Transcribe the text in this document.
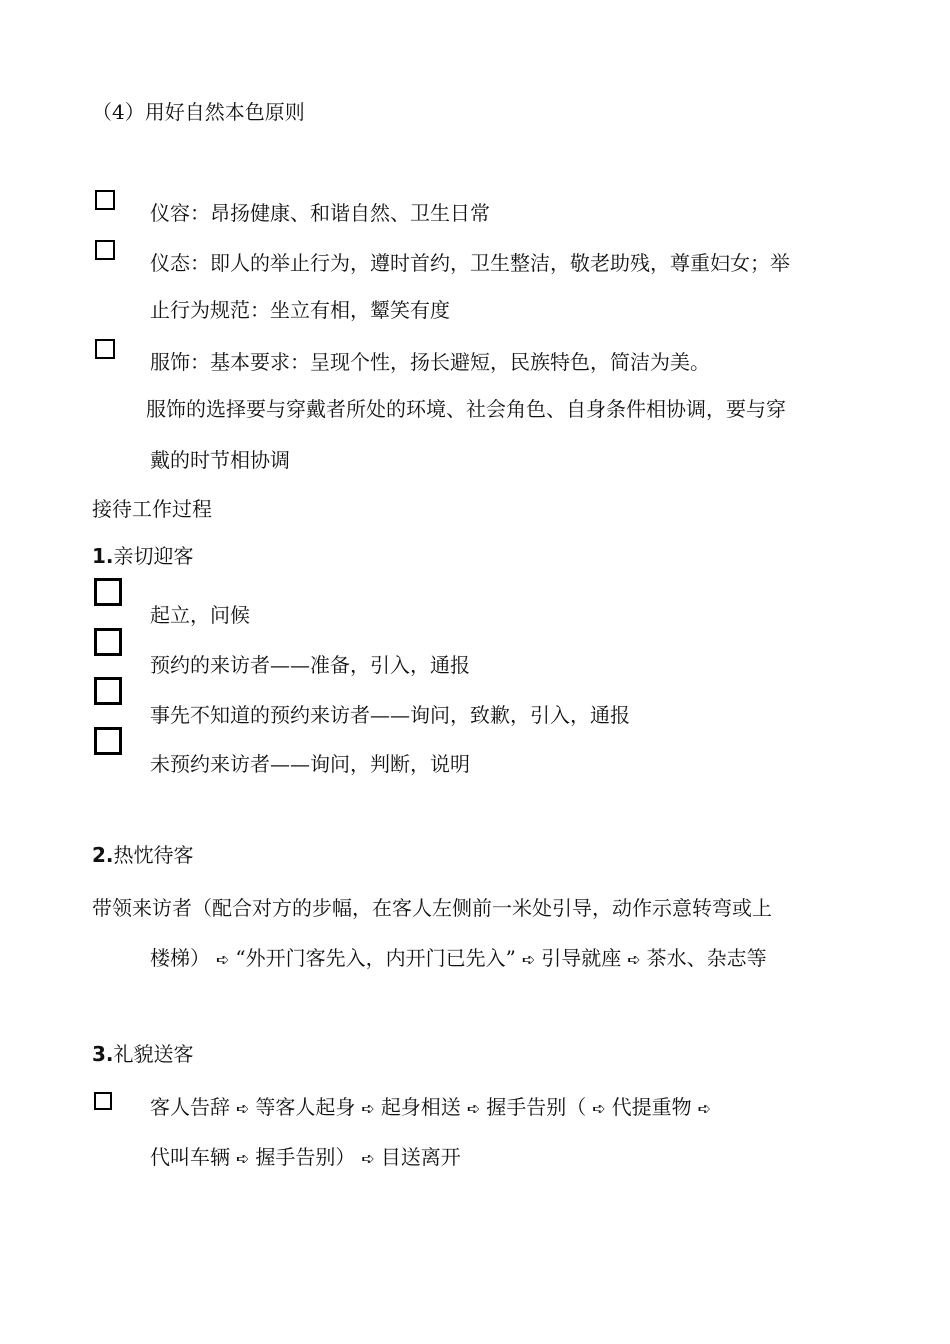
（4）用好自然本色原则

仪容：昂扬健康、和谐自然、卫生日常

仪态：即人的举止行为，遵时首约，卫生整洁，敬老助残，尊重妇女；举

止行为规范：坐立有相，颦笑有度

服饰：基本要求：呈现个性，扬长避短，民族特色，简洁为美。

服饰的选择要与穿戴者所处的环境、社会角色、自身条件相协调，要与穿

戴的时节相协调

接待工作过程

1.亲切迎客

起立，问候

预约的来访者——准备，引入，通报

事先不知道的预约来访者——询问，致歉，引入，通报

未预约来访者——询问，判断，说明

2.热忱待客

带领来访者（配合对方的步幅，在客人左侧前一米处引导，动作示意转弯或上

楼梯） ➪ “外开门客先入，内开门已先入” ➪ 引导就座 ➪ 茶水、杂志等

3.礼貌送客

客人告辞 ➪ 等客人起身 ➪ 起身相送 ➪ 握手告别（ ➪ 代提重物 ➪

代叫车辆 ➪ 握手告别） ➪ 目送离开
